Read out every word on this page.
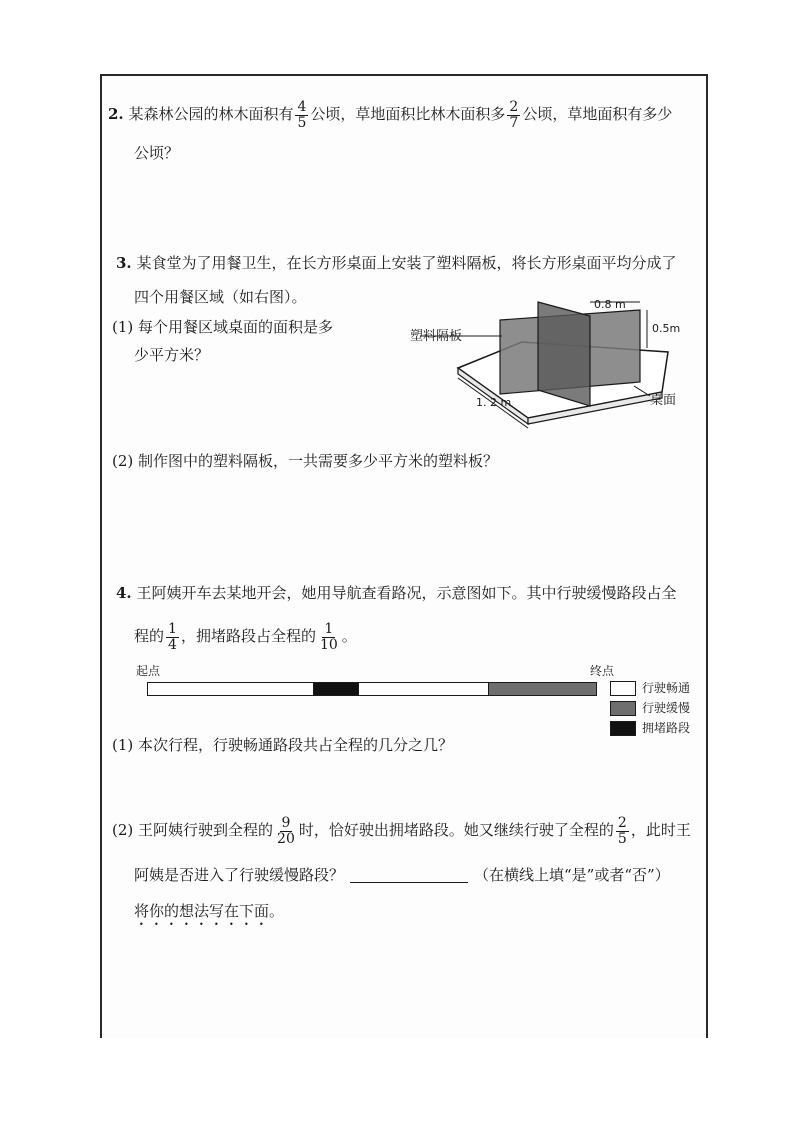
2. 某森林公园的林木面积有 $\frac{4}{5}$ 公顷，草地面积比林木面积多 $\frac{2}{7}$ 公顷，草地面积有多少
公顷？
3. 某食堂为了用餐卫生，在长方形桌面上安装了塑料隔板，将长方形桌面平均分成了
四个用餐区域（如右图）。
(1) 每个用餐区域桌面的面积是多
少平方米？
塑料隔板
桌面
0.8 m
0.5m
1. 2 m
(2) 制作图中的塑料隔板，一共需要多少平方米的塑料板？
4. 王阿姨开车去某地开会，她用导航查看路况，示意图如下。其中行驶缓慢路段占全
程的 $\frac{1}{4}$ ，拥堵路段占全程的 $\frac{1}{10}$ 。
起点	终点
行驶畅通
行驶缓慢
拥堵路段
(1) 本次行程，行驶畅通路段共占全程的几分之几？
(2) 王阿姨行驶到全程的 $\frac{9}{20}$ 时，恰好驶出拥堵路段。她又继续行驶了全程的 $\frac{2}{5}$ ，此时王
阿姨是否进入了行驶缓慢路段？	（在横线上填“是”或者“否”）
将你的想法写在下面。
